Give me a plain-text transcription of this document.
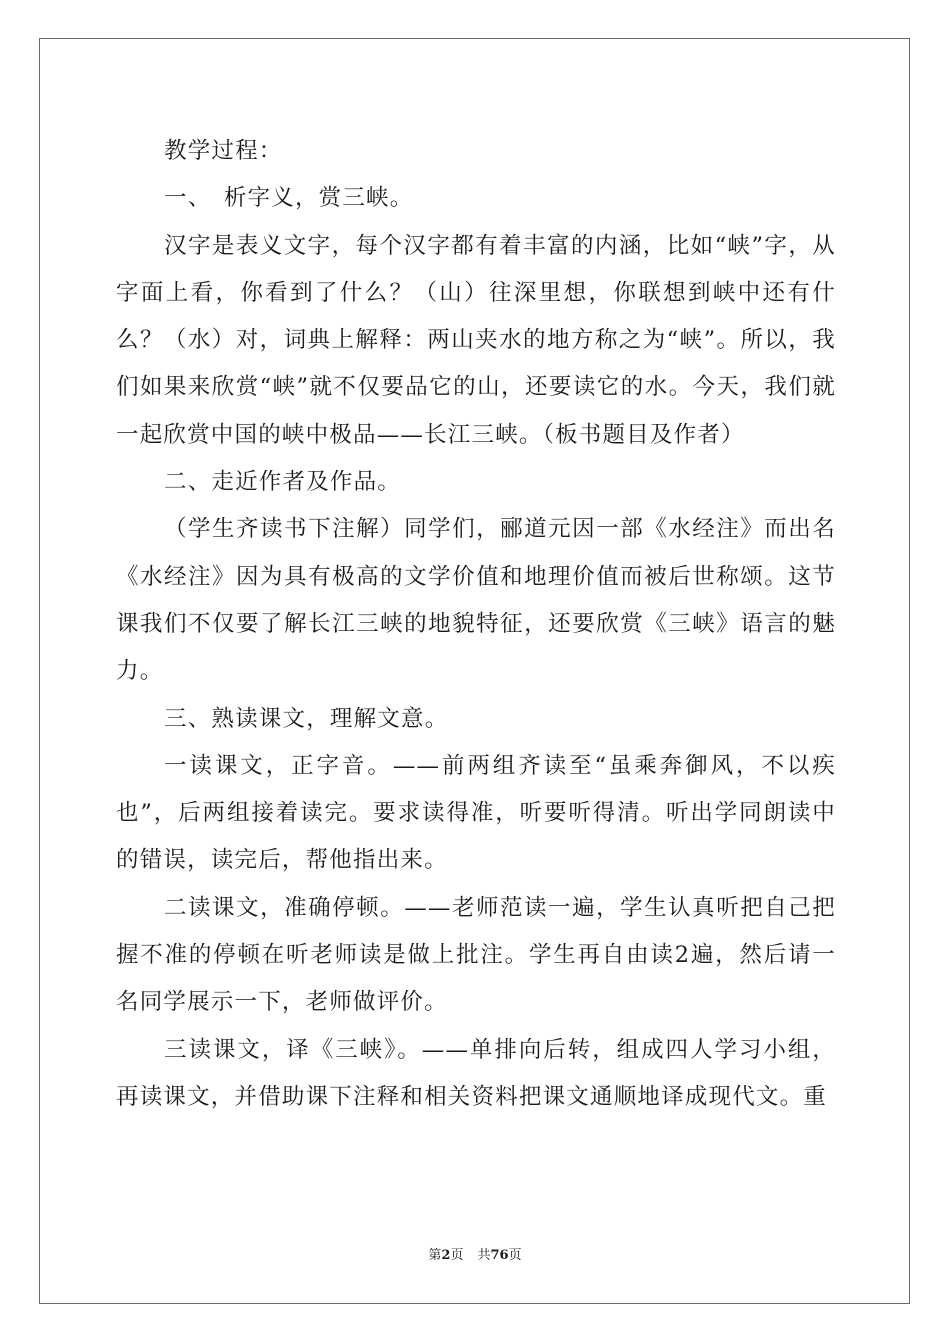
教学过程：

一、　析字义，赏三峡。

汉字是表义文字，每个汉字都有着丰富的内涵，比如“峡”字，从字面上看，你看到了什么？（山）往深里想，你联想到峡中还有什么？（水）对，词典上解释：两山夹水的地方称之为“峡”。所以，我们如果来欣赏“峡”就不仅要品它的山，还要读它的水。今天，我们就一起欣赏中国的峡中极品——长江三峡。（板书题目及作者）

二、走近作者及作品。

（学生齐读书下注解）同学们，郦道元因一部《水经注》而出名《水经注》因为具有极高的文学价值和地理价值而被后世称颂。这节课我们不仅要了解长江三峡的地貌特征，还要欣赏《三峡》语言的魅力。

三、熟读课文，理解文意。

一读课文，正字音。——前两组齐读至“虽乘奔御风，不以疾也”，后两组接着读完。要求读得准，听要听得清。听出学同朗读中的错误，读完后，帮他指出来。

二读课文，准确停顿。——老师范读一遍，学生认真听把自己把握不准的停顿在听老师读是做上批注。学生再自由读2遍，然后请一名同学展示一下，老师做评价。

三读课文，译《三峡》。——单排向后转，组成四人学习小组，再读课文，并借助课下注释和相关资料把课文通顺地译成现代文。重

第2页 共76页
